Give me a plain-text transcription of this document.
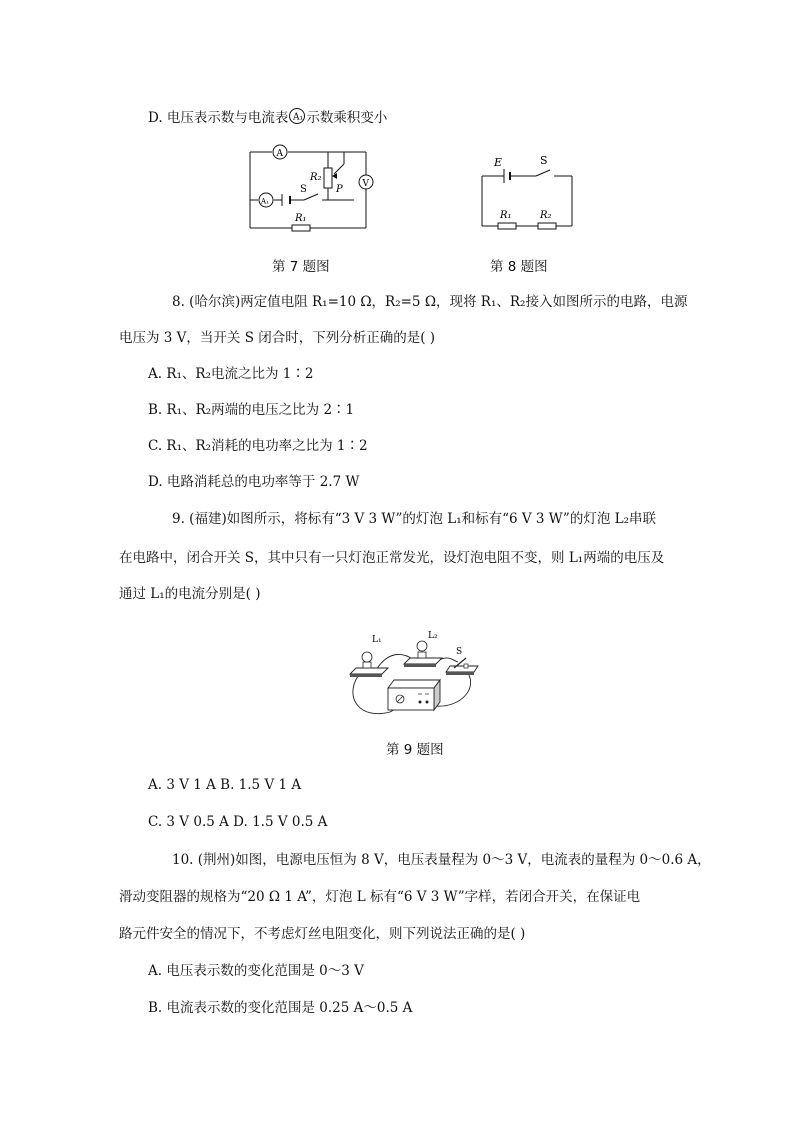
D. 电压表示数与电流表 A₁ 示数乘积变小
A
A₁
V
R₂
P
S
R₁
E	S
R₁	R₂
第 7 题图	第 8 题图
8. (哈尔滨)两定值电阻 R₁=10 Ω，R₂=5 Ω，现将 R₁、R₂接入如图所示的电路，电源
电压为 3 V，当开关 S 闭合时，下列分析正确的是( )
A. R₁、R₂电流之比为 1∶2
B. R₁、R₂两端的电压之比为 2∶1
C. R₁、R₂消耗的电功率之比为 1∶2
D. 电路消耗总的电功率等于 2.7 W
9. (福建)如图所示，将标有“3 V 3 W”的灯泡 L₁和标有“6 V 3 W”的灯泡 L₂串联
在电路中，闭合开关 S，其中只有一只灯泡正常发光，设灯泡电阻不变，则 L₁两端的电压及
通过 L₁的电流分别是( )
L₁	L₂
S
第 9 题图
A. 3 V 1 A B. 1.5 V 1 A
C. 3 V 0.5 A D. 1.5 V 0.5 A
10. (荆州)如图，电源电压恒为 8 V，电压表量程为 0～3 V，电流表的量程为 0～0.6 A，
滑动变阻器的规格为“20 Ω 1 A”，灯泡 L 标有“6 V 3 W”字样，若闭合开关，在保证电
路元件安全的情况下，不考虑灯丝电阻变化，则下列说法正确的是( )
A. 电压表示数的变化范围是 0～3 V
B. 电流表示数的变化范围是 0.25 A～0.5 A
